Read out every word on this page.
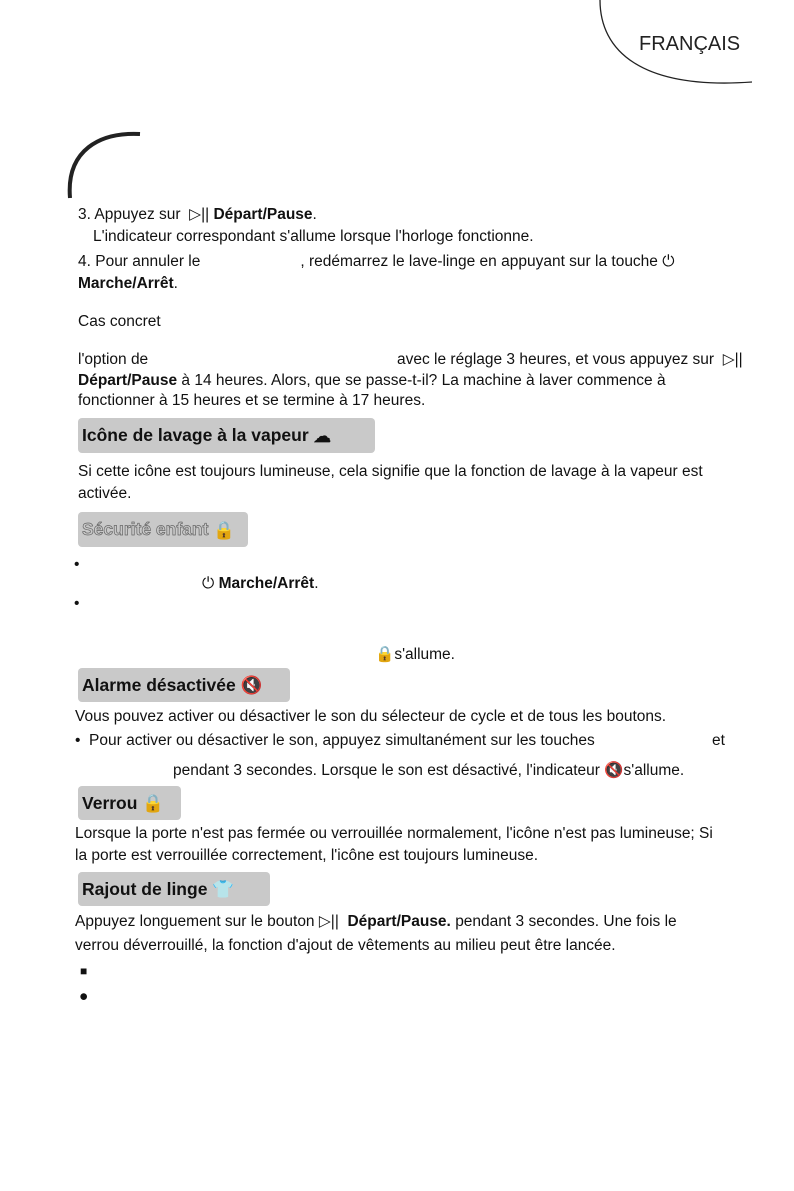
FRANÇAIS
3. Appuyez sur ▷|| Départ/Pause.
L'indicateur correspondant s'allume lorsque l'horloge fonctionne.
4. Pour annuler le	, redémarrez le lave-linge en appuyant sur la touche ⏻
Marche/Arrêt.
Cas concret
l'option de	avec le réglage 3 heures, et vous appuyez sur ▷||
Départ/Pause à 14 heures. Alors, que se passe-t-il? La machine à laver commence à
fonctionner à 15 heures et se termine à 17 heures.
Icône de lavage à la vapeur ☁
Si cette icône est toujours lumineuse, cela signifie que la fonction de lavage à la vapeur est
activée.
Sécurité enfant 🔒
•
⏻ Marche/Arrêt.
•
🔒s'allume.
Alarme désactivée 🔇
Vous pouvez activer ou désactiver le son du sélecteur de cycle et de tous les boutons.
•  Pour activer ou désactiver le son, appuyez simultanément sur les touches	et
pendant 3 secondes. Lorsque le son est désactivé, l'indicateur 🔇s'allume.
Verrou 🔒
Lorsque la porte n'est pas fermée ou verrouillée normalement, l'icône n'est pas lumineuse; Si
la porte est verrouillée correctement, l'icône est toujours lumineuse.
Rajout de linge 👕
Appuyez longuement sur le bouton ▷|| Départ/Pause. pendant 3 secondes. Une fois le
verrou déverrouillé, la fonction d'ajout de vêtements au milieu peut être lancée.
■
●
